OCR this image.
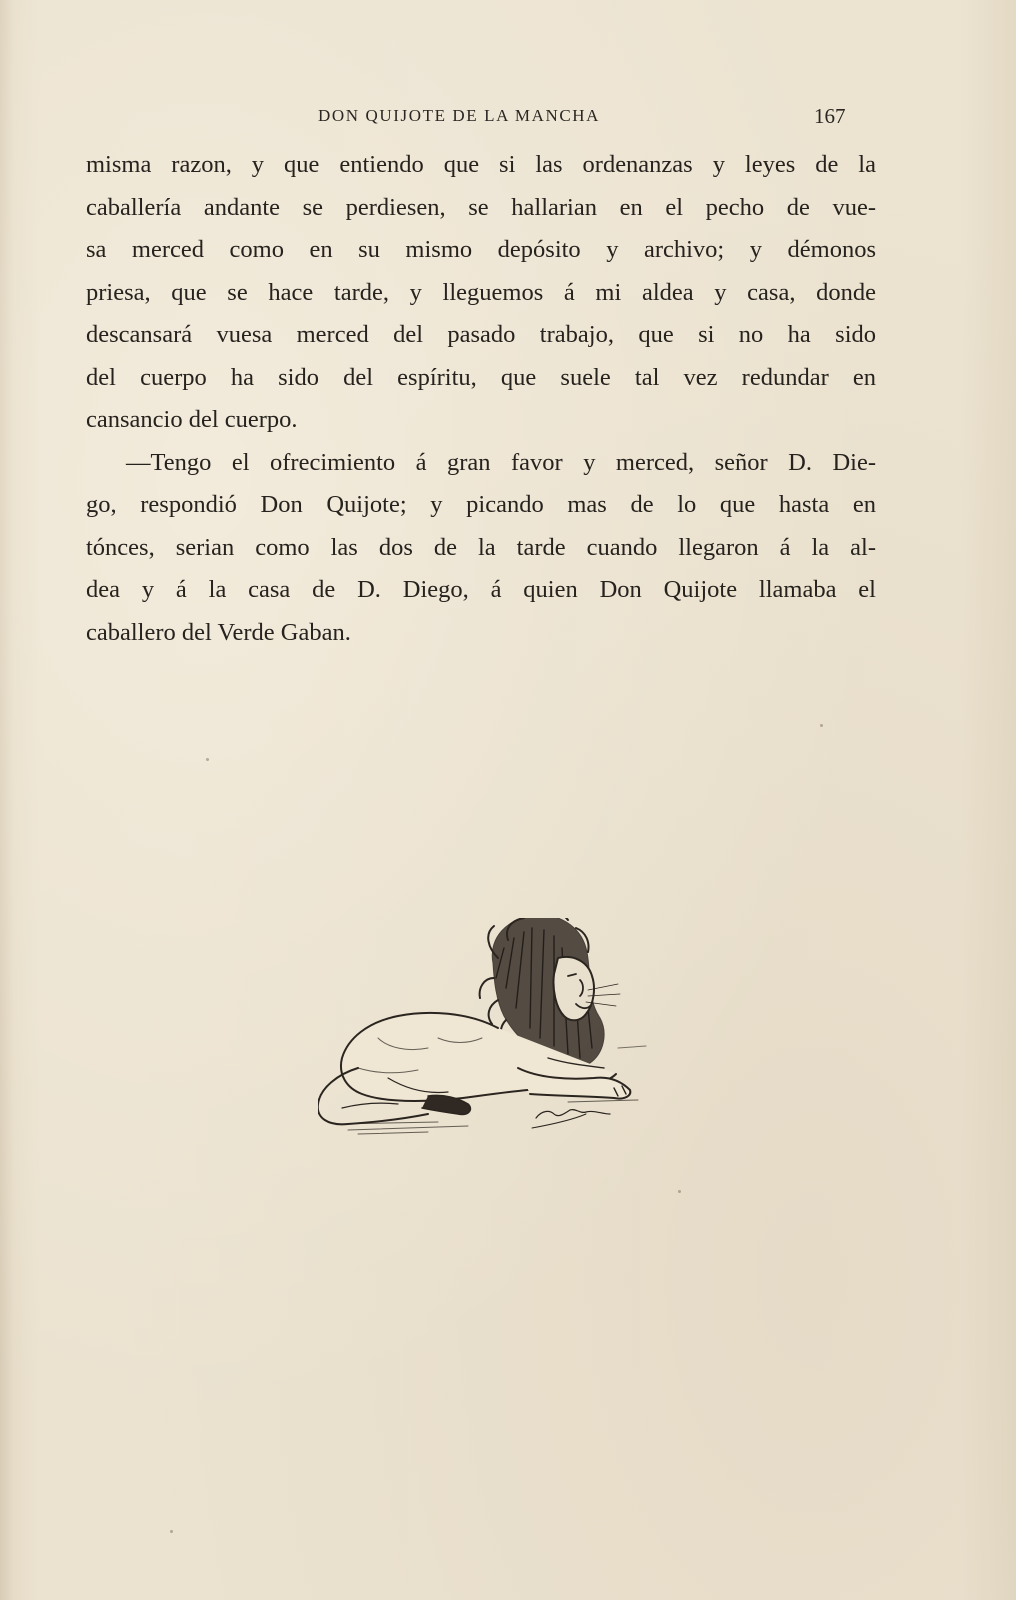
DON QUIJOTE DE LA MANCHA	167
misma razon, y que entiendo que si las ordenanzas y leyes de la
caballería andante se perdiesen, se hallarian en el pecho de vue-
sa merced como en su mismo depósito y archivo; y démonos
priesa, que se hace tarde, y lleguemos á mi aldea y casa, donde
descansará vuesa merced del pasado trabajo, que si no ha sido
del cuerpo ha sido del espíritu, que suele tal vez redundar en
cansancio del cuerpo.
—Tengo el ofrecimiento á gran favor y merced, señor D. Die-
go, respondió Don Quijote; y picando mas de lo que hasta en
tónces, serian como las dos de la tarde cuando llegaron á la al-
dea y á la casa de D. Diego, á quien Don Quijote llamaba el
caballero del Verde Gaban.
